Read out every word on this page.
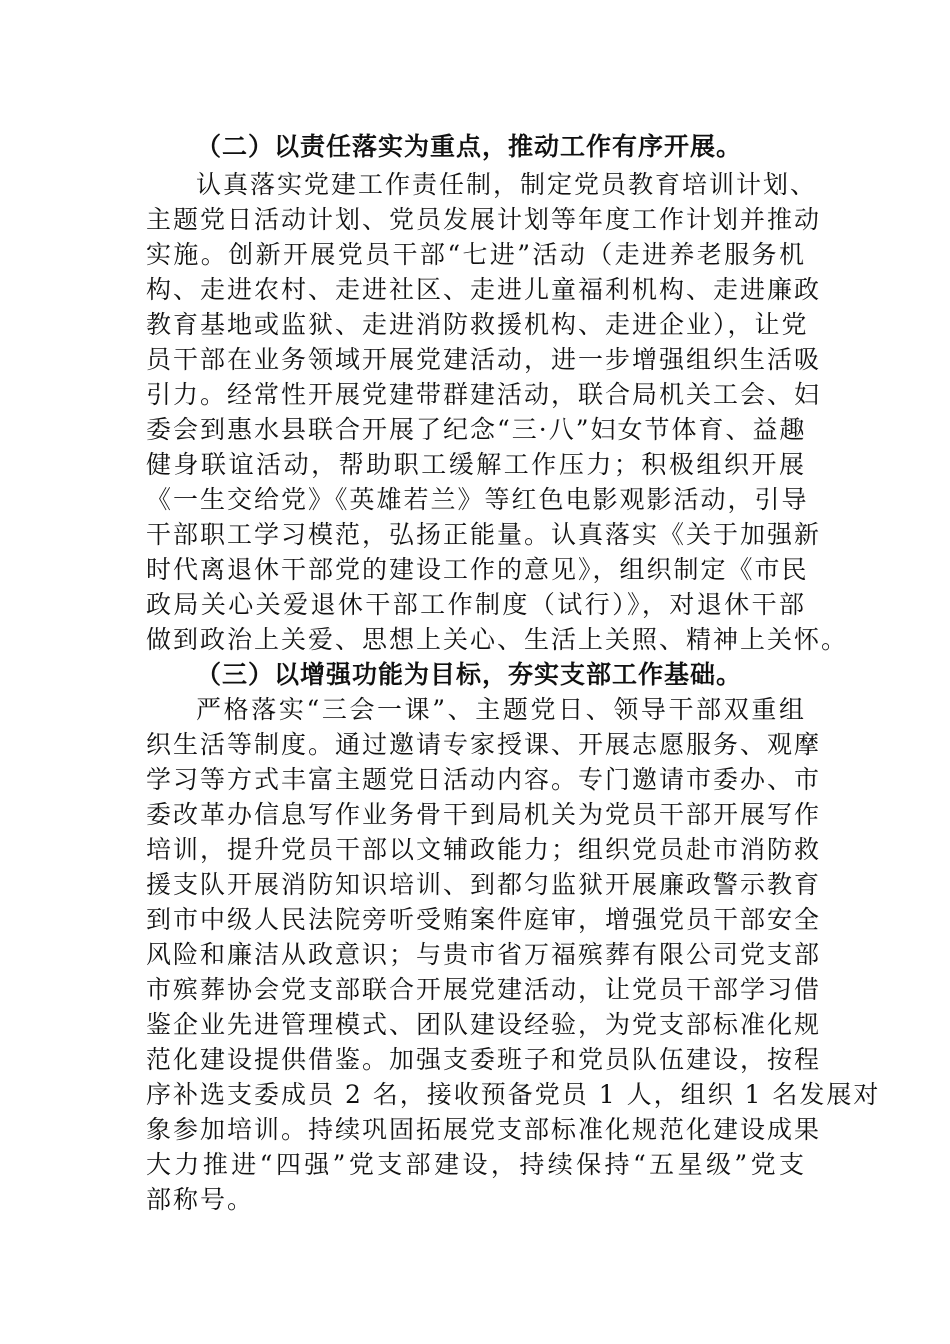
（二）以责任落实为重点，推动工作有序开展。
认真落实党建工作责任制，制定党员教育培训计划、
主题党日活动计划、党员发展计划等年度工作计划并推动
实施。创新开展党员干部“七进”活动（走进养老服务机
构、走进农村、走进社区、走进儿童福利机构、走进廉政
教育基地或监狱、走进消防救援机构、走进企业），让党
员干部在业务领域开展党建活动，进一步增强组织生活吸
引力。经常性开展党建带群建活动，联合局机关工会、妇
委会到惠水县联合开展了纪念“三·八”妇女节体育、益趣
健身联谊活动，帮助职工缓解工作压力；积极组织开展
《一生交给党》《英雄若兰》等红色电影观影活动，引导
干部职工学习模范，弘扬正能量。认真落实《关于加强新
时代离退休干部党的建设工作的意见》，组织制定《市民
政局关心关爱退休干部工作制度（试行）》，对退休干部
做到政治上关爱、思想上关心、生活上关照、精神上关怀。
（三）以增强功能为目标，夯实支部工作基础。
严格落实“三会一课”、主题党日、领导干部双重组
织生活等制度。通过邀请专家授课、开展志愿服务、观摩
学习等方式丰富主题党日活动内容。专门邀请市委办、市
委改革办信息写作业务骨干到局机关为党员干部开展写作
培训，提升党员干部以文辅政能力；组织党员赴市消防救
援支队开展消防知识培训、到都匀监狱开展廉政警示教育
到市中级人民法院旁听受贿案件庭审，增强党员干部安全
风险和廉洁从政意识；与贵市省万福殡葬有限公司党支部
市殡葬协会党支部联合开展党建活动，让党员干部学习借
鉴企业先进管理模式、团队建设经验，为党支部标准化规
范化建设提供借鉴。加强支委班子和党员队伍建设，按程
序补选支委成员 2 名，接收预备党员 1 人，组织 1 名发展对
象参加培训。持续巩固拓展党支部标准化规范化建设成果
大力推进“四强”党支部建设，持续保持“五星级”党支
部称号。
